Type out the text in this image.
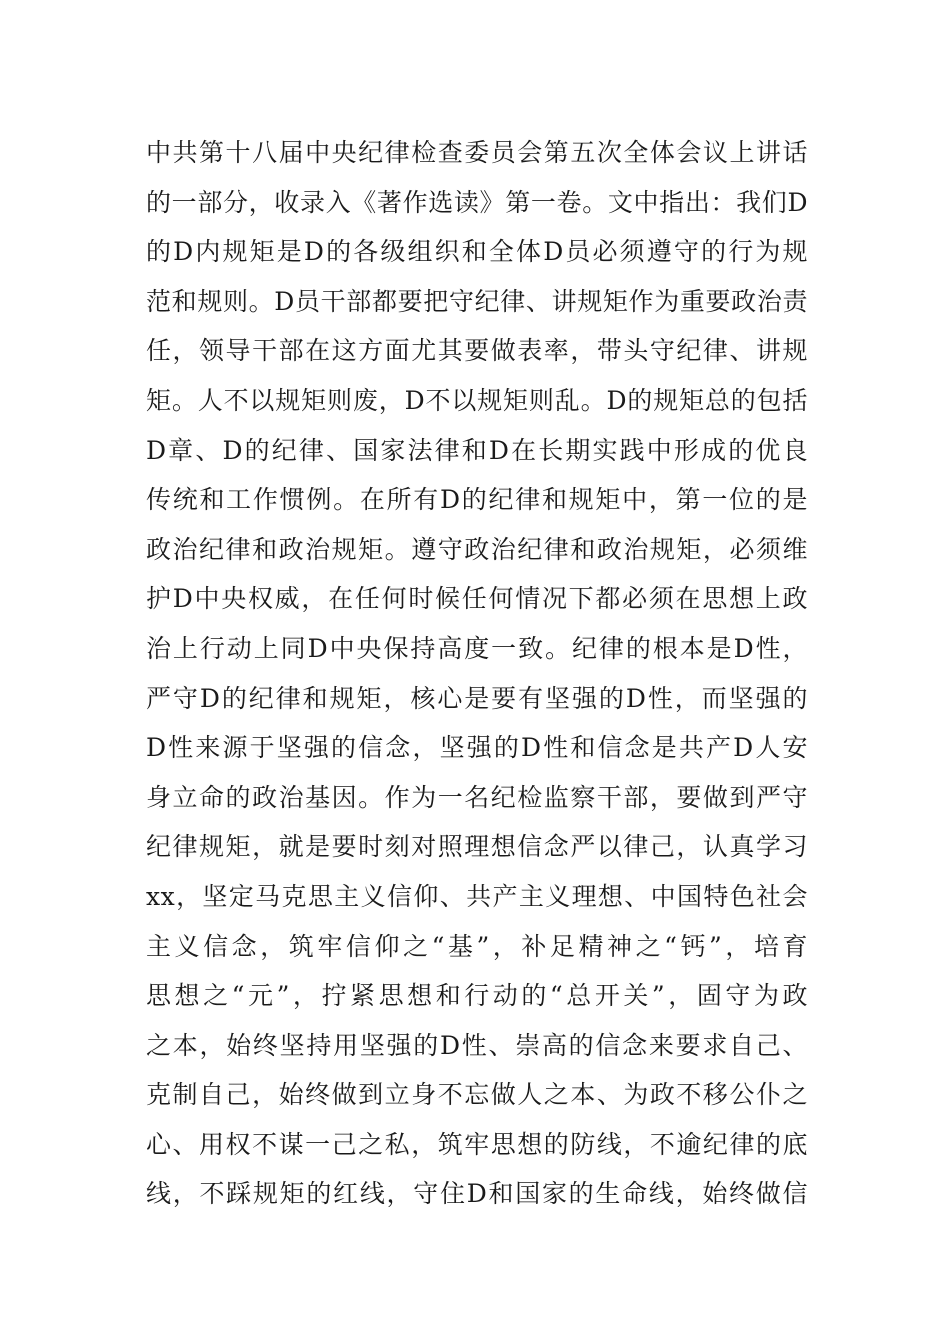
中共第十八届中央纪律检查委员会第五次全体会议上讲话
的一部分，收录入《著作选读》第一卷。文中指出：我们D
的D内规矩是D的各级组织和全体D员必须遵守的行为规
范和规则。D员干部都要把守纪律、讲规矩作为重要政治责
任，领导干部在这方面尤其要做表率，带头守纪律、讲规
矩。人不以规矩则废，D不以规矩则乱。D的规矩总的包括
D章、D的纪律、国家法律和D在长期实践中形成的优良
传统和工作惯例。在所有D的纪律和规矩中，第一位的是
政治纪律和政治规矩。遵守政治纪律和政治规矩，必须维
护D中央权威，在任何时候任何情况下都必须在思想上政
治上行动上同D中央保持高度一致。纪律的根本是D性，
严守D的纪律和规矩，核心是要有坚强的D性，而坚强的
D性来源于坚强的信念，坚强的D性和信念是共产D人安
身立命的政治基因。作为一名纪检监察干部，要做到严守
纪律规矩，就是要时刻对照理想信念严以律己，认真学习
xx，坚定马克思主义信仰、共产主义理想、中国特色社会
主义信念，筑牢信仰之“基”，补足精神之“钙”，培育
思想之“元”，拧紧思想和行动的“总开关”，固守为政
之本，始终坚持用坚强的D性、崇高的信念来要求自己、
克制自己，始终做到立身不忘做人之本、为政不移公仆之
心、用权不谋一己之私，筑牢思想的防线，不逾纪律的底
线，不踩规矩的红线，守住D和国家的生命线，始终做信
